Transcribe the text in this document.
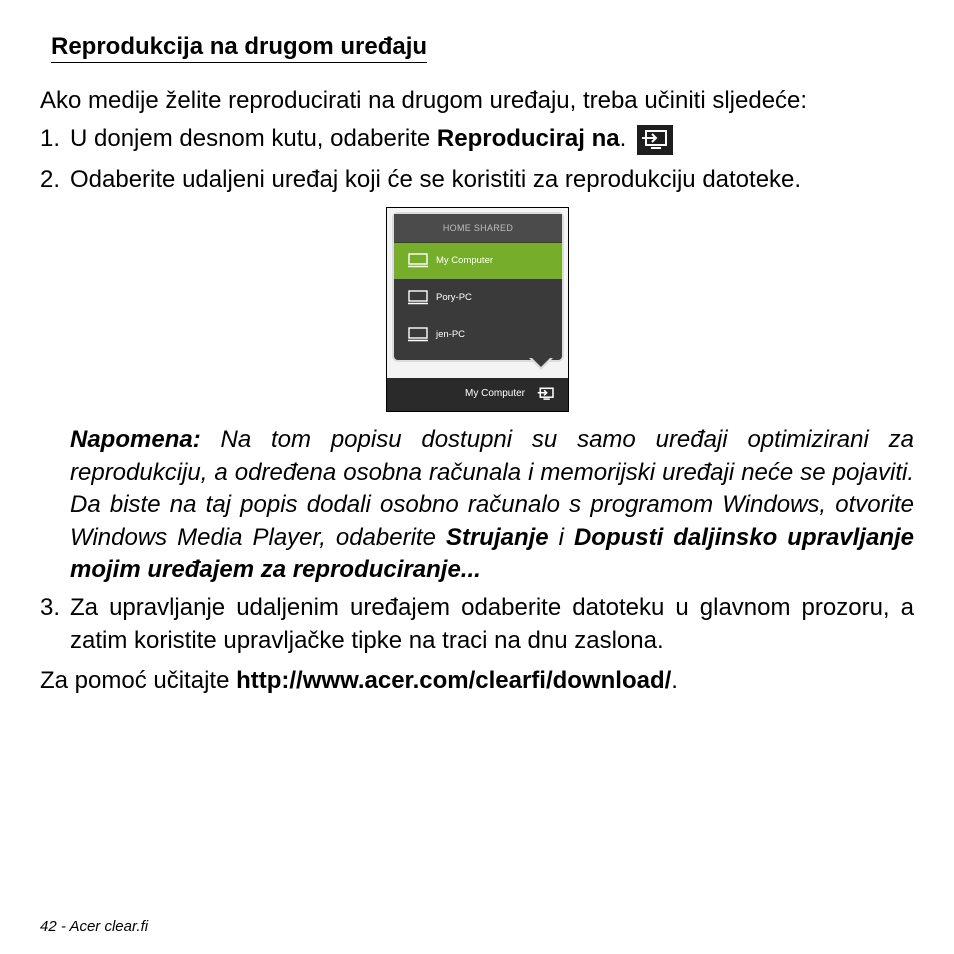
Reprodukcija na drugom uređaju
Ako medije želite reproducirati na drugom uređaju, treba učiniti sljedeće:
1. U donjem desnom kutu, odaberite Reproduciraj na.
2. Odaberite udaljeni uređaj koji će se koristiti za reprodukciju datoteke.
HOME SHARED
My Computer
Pory-PC
jen-PC
My Computer
Napomena: Na tom popisu dostupni su samo uređaji optimizirani za reprodukciju, a određena osobna računala i memorijski uređaji neće se pojaviti. Da biste na taj popis dodali osobno računalo s programom Windows, otvorite Windows Media Player, odaberite Strujanje i Dopusti daljinsko upravljanje mojim uređajem za reproduciranje...
3. Za upravljanje udaljenim uređajem odaberite datoteku u glavnom prozoru, a zatim koristite upravljačke tipke na traci na dnu zaslona.
Za pomoć učitajte http://www.acer.com/clearfi/download/.
42 - Acer clear.fi
